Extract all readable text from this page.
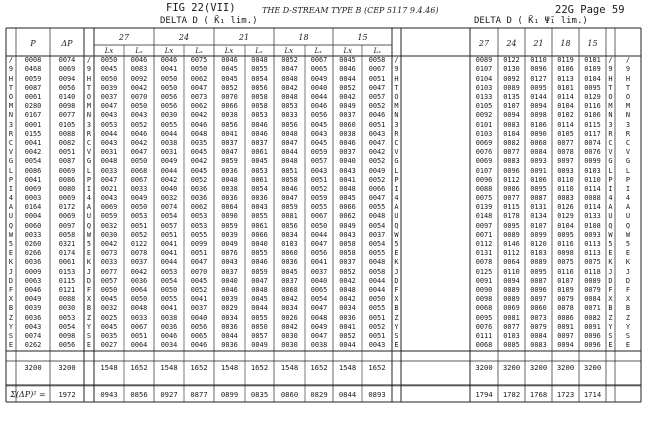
FIG 22(VII)	22G Page 59
THE D-STREAM TYPE B (CEP 5117 9.4.46)
DELTA D ( K̄₁ lim.)	DELTA D ( K̄₁ Ψ̄₁ lim.)
P	ΔP
27
Lx	Lₓ
24
Lx	Lₓ
21
Lx	Lₓ
18
Lx	Lₓ
15
Lx	Lₓ
27	24	21	18	15
/	0008	0074	/	0050	0046	0046	0075	0046	0048	0052	0067	0045	0058	/	0089	0122	0110	0119	0101	/	/
9	0468	0069	9	0045	0083	0041	0050	0045	0055	0047	0065	0046	0067	9	0107	0130	0096	0106	0109	9	9
H	0059	0094	H	0050	0092	0050	0062	0045	0054	0048	0049	0044	0051	H	0104	0092	0127	0113	0104	H	H
T	0087	0056	T	0039	0042	0050	0047	0052	0056	0042	0040	0052	0047	T	0103	0089	0095	0101	0095	T	T
O	0061	0140	O	0037	0070	0056	0073	0070	0058	0048	0044	0042	0057	O	0133	0135	0144	0114	0129	O	O
M	0280	0098	M	0047	0050	0056	0062	0066	0058	0053	0046	0049	0052	M	0105	0107	0094	0104	0116	M	M
N	0167	0077	N	0043	0043	0030	0042	0038	0053	0033	0056	0037	0046	N	0092	0094	0098	0102	0106	N	N
3	0001	0105	3	0053	0052	0055	0046	0056	0046	0056	0045	0060	0051	3	0101	0083	0106	0114	0115	3	3
R	0155	0088	R	0044	0046	0044	0048	0041	0046	0048	0043	0038	0043	R	0103	0104	0090	0105	0117	R	R
C	0041	0082	C	0043	0042	0038	0035	0037	0037	0047	0045	0046	0047	C	0069	0082	0068	0077	0074	C	C
V	0042	0051	V	0031	0047	0031	0045	0047	0061	0044	0059	0037	0042	V	0076	0077	0084	0078	0076	V	V
G	0054	0087	G	0048	0050	0049	0042	0059	0045	0048	0057	0040	0052	G	0069	0083	0093	0097	0099	G	G
L	0086	0069	L	0033	0068	0044	0045	0036	0053	0051	0043	0043	0049	L	0107	0096	0091	0093	0103	L	L
P	0041	0086	P	0047	0067	0042	0052	0048	0061	0058	0051	0041	0052	P	0096	0112	0106	0110	0110	P	P
I	0069	0080	I	0021	0033	0040	0036	0038	0054	0046	0052	0048	0066	I	0088	0086	0095	0110	0114	I	I
4	0003	0069	4	0043	0049	0032	0036	0036	0036	0047	0059	0045	0047	4	0075	0077	0087	0083	0088	4	4
A	0164	0172	A	0069	0050	0074	0062	0064	0043	0059	0055	0066	0055	A	0139	0115	0131	0126	0114	A	A
U	0004	0069	U	0059	0053	0054	0053	0090	0055	0081	0067	0062	0048	U	0148	0178	0134	0129	0133	U	U
Q	0060	0097	Q	0032	0051	0057	0053	0059	0061	0056	0050	0049	0054	Q	0097	0095	0107	0104	0108	Q	Q
W	0033	0058	W	0030	0052	0051	0055	0039	0066	0034	0044	0043	0037	W	0071	0089	0099	0095	0093	W	W
5	0260	0321	5	0042	0122	0041	0099	0049	0040	0103	0047	0058	0054	5	0112	0146	0120	0116	0113	5	5
E	0266	0174	E	0073	0078	0041	0051	0076	0055	0060	0056	0058	0055	E	0131	0112	0103	0098	0113	E	E
K	0036	0061	K	0033	0037	0044	0047	0043	0046	0036	0041	0037	0048	K	0078	0064	0089	0075	0075	K	K
J	0009	0153	J	0077	0042	0053	0070	0037	0059	0045	0037	0052	0058	J	0125	0110	0095	0116	0118	J	J
D	0063	0115	D	0057	0036	0054	0045	0040	0047	0037	0040	0042	0044	D	0091	0094	0087	0107	0089	D	D
F	0046	0121	F	0050	0064	0050	0052	0046	0048	0068	0065	0048	0044	F	0090	0089	0096	0109	0079	F	F
X	0049	0088	X	0045	0050	0055	0041	0039	0045	0042	0054	0042	0050	X	0098	0089	0097	0079	0084	X	X
B	0039	0030	B	0032	0048	0041	0037	0029	0044	0034	0047	0034	0055	B	0068	0069	0060	0078	0071	B	B
Z	0036	0053	Z	0025	0033	0038	0040	0034	0055	0026	0048	0036	0051	Z	0095	0081	0073	0086	0082	Z	Z
Y	0043	0054	Y	0045	0067	0036	0056	0036	0050	0042	0049	0041	0052	Y	0076	0077	0079	0091	0091	Y	Y
S	0074	0098	S	0035	0051	0046	0065	0044	0057	0030	0047	0052	0051	S	0111	0103	0084	0097	0096	S	S
E	0262	0056	E	0027	0064	0034	0046	0036	0049	0030	0038	0044	0043	E	0068	0085	0083	0094	0096	E	E
3200	3200	1548	1652	1548	1652	1548	1652	1548	1652	1548	1652	3200	3200	3200	3200	3200
Σ(ΔP)² =	1972	0943	0856	0927	0877	0899	0835	0860	0829	0844	0893	1794	1782	1768	1723	1714
